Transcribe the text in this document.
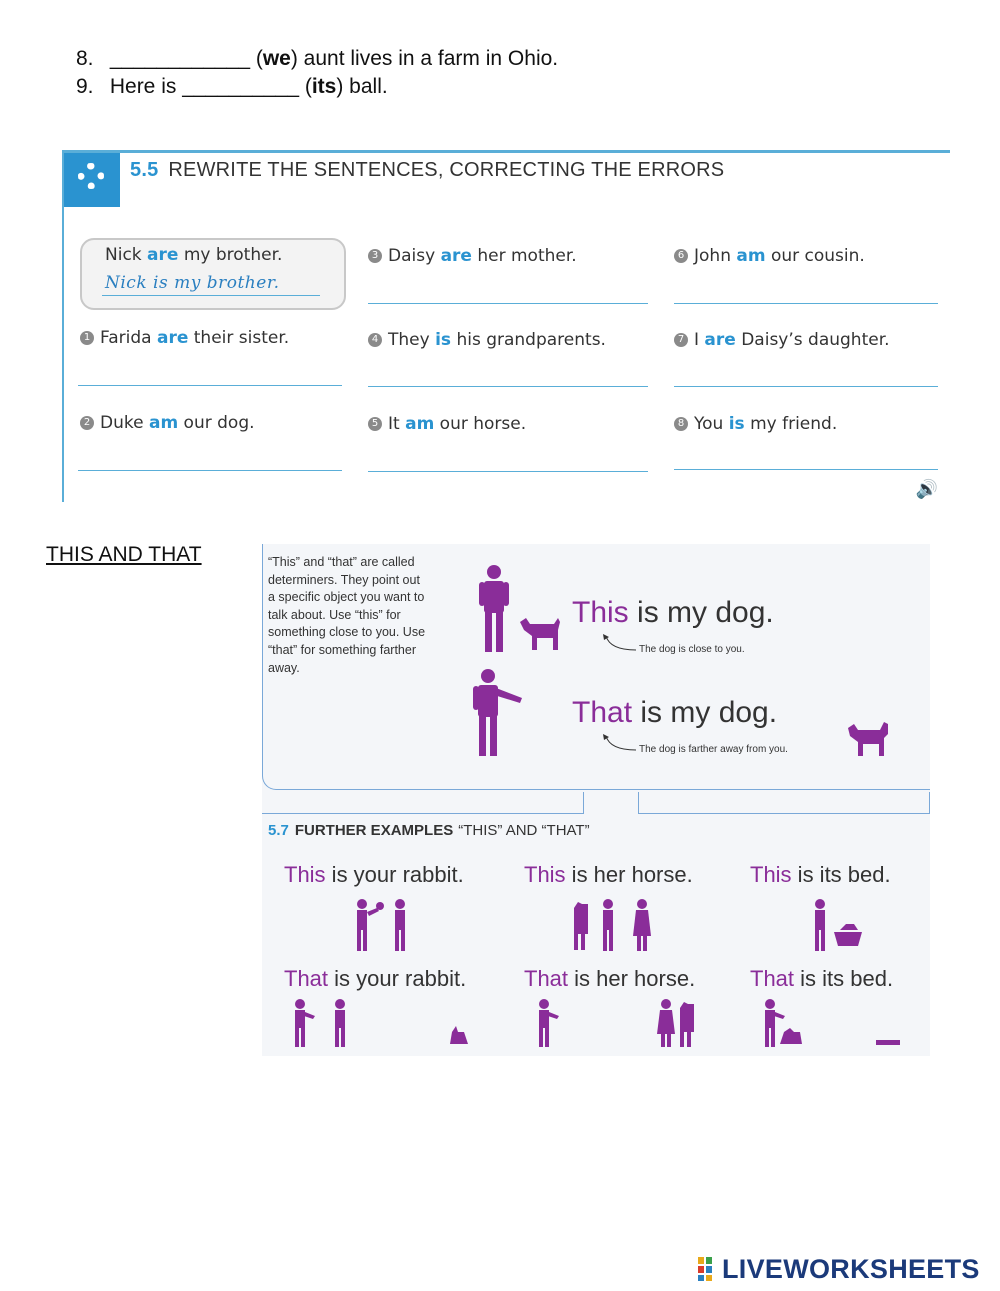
8. ____________ (we) aunt lives in a farm in Ohio.
9. Here is __________ (its) ball.
5.5 REWRITE THE SENTENCES, CORRECTING THE ERRORS
Nick are my brother.
Nick is my brother.
1 Farida are their sister.
2 Duke am our dog.
3 Daisy are her mother.
4 They is his grandparents.
5 It am our horse.
6 John am our cousin.
7 I are Daisy’s daughter.
8 You is my friend.
🔊
THIS AND THAT	“This” and “that” are called determiners. They point out a specific object you want to talk about. Use “this” for something close to you. Use “that” for something farther away.
This is my dog.
The dog is close to you.
That is my dog.
The dog is farther away from you.
5.7 FURTHER EXAMPLES “THIS” AND “THAT”
This is your rabbit.	This is her horse.	This is its bed.
That is your rabbit.	That is her horse. That is its bed.
LIVEWORKSHEETS
